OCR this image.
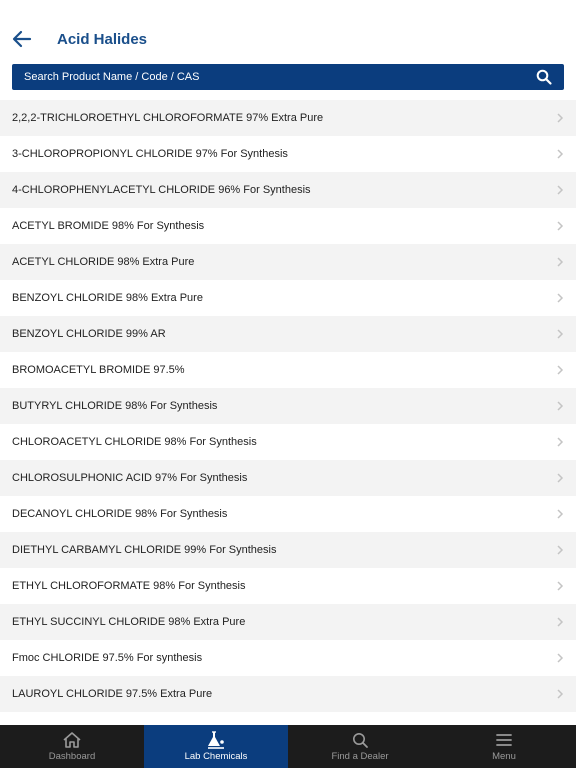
Acid Halides
Search Product Name / Code / CAS
2,2,2-TRICHLOROETHYL CHLOROFORMATE 97% Extra Pure
3-CHLOROPROPIONYL CHLORIDE 97% For Synthesis
4-CHLOROPHENYLACETYL CHLORIDE 96% For Synthesis
ACETYL BROMIDE 98% For Synthesis
ACETYL CHLORIDE 98% Extra Pure
BENZOYL CHLORIDE 98% Extra Pure
BENZOYL CHLORIDE 99% AR
BROMOACETYL BROMIDE 97.5%
BUTYRYL CHLORIDE 98% For Synthesis
CHLOROACETYL CHLORIDE 98% For Synthesis
CHLOROSULPHONIC ACID 97% For Synthesis
DECANOYL CHLORIDE 98% For Synthesis
DIETHYL CARBAMYL CHLORIDE 99% For Synthesis
ETHYL CHLOROFORMATE 98% For Synthesis
ETHYL SUCCINYL CHLORIDE 98% Extra Pure
Fmoc CHLORIDE 97.5% For synthesis
LAUROYL CHLORIDE 97.5% Extra Pure
Dashboard	Lab Chemicals	Find a Dealer	Menu
